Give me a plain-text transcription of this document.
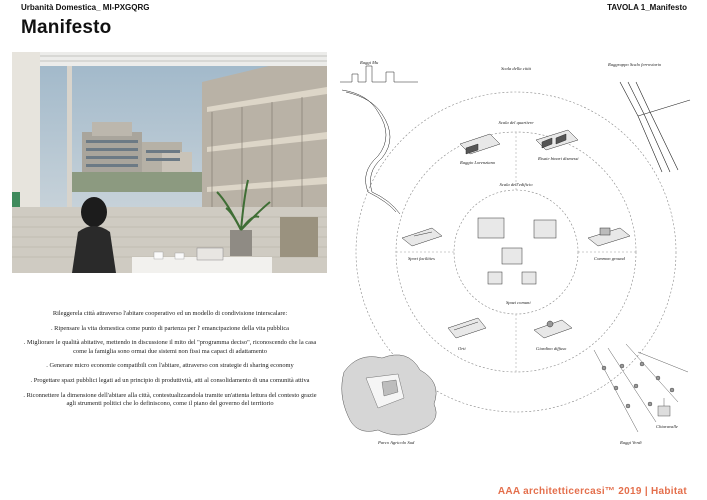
Urbanità Domestica_ MI-PXGQRG	TAVOLA 1_Manifesto
Manifesto

Rileggerela città attraverso l'abitare cooperativo ed un modello di condivisione interscalare:

. Ripensare la vita domestica come punto di partenza per l' emancipazione della vita pubblica

. Migliorare le qualità abitative, mettendo in discussione il mito del "programma deciso", riconoscendo che la casa come la famiglia sono ormai due sistemi non fissi ma capaci di adattamento

. Generare micro economie compatibili con l'abitare, attraverso con strategie di sharing economy

. Progettare spazi pubblici legati ad un principio di produttività, atti al consolidamento di una comunità attiva

. Riconnettere la dimensione dell'abitare alla città, contestualizzandola tramite un'attenta lettura del contesto grazie agli strumenti politici che lo definiscono, come il piano del governo del territorio

Scala della città
Scala del quartiere
Scala dell'edificio
Raggi Mu	Raggruppo Scalo ferroviario
Raggio Lorenziano
Risaie binari dismessi
Sport facilities	Common ground
Orti	Giardino diffuso
Spazi comuni
Parco Agricolo Sud	Raggi Verdi
Chiaravalle
AAA architetticercasi™ 2019 | Habitat
